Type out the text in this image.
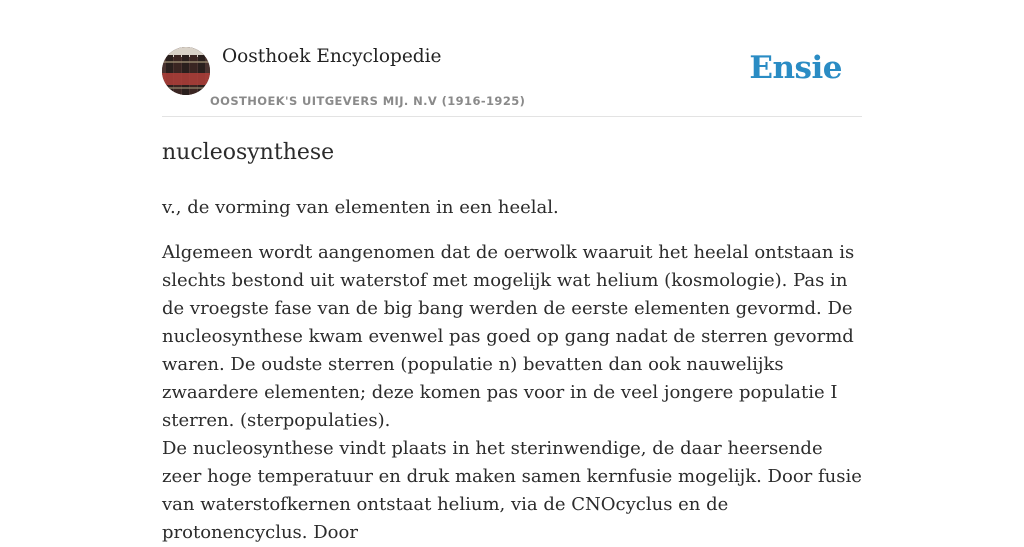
Oosthoek Encyclopedie
OOSTHOEK'S UITGEVERS MIJ. N.V (1916-1925)
Ensie
nucleosynthese
v., de vorming van elementen in een heelal.

Algemeen wordt aangenomen dat de oerwolk waaruit het heelal ontstaan is slechts bestond uit waterstof met mogelijk wat helium (kosmologie). Pas in de vroegste fase van de big bang werden de eerste elementen gevormd. De nucleosynthese kwam evenwel pas goed op gang nadat de sterren gevormd waren. De oudste sterren (populatie n) bevatten dan ook nauwelijks zwaardere elementen; deze komen pas voor in de veel jongere populatie I sterren. (sterpopulaties).

De nucleosynthese vindt plaats in het sterinwendige, de daar heersende zeer hoge temperatuur en druk maken samen kernfusie mogelijk. Door fusie van waterstofkernen ontstaat helium, via de CNOcyclus en de protonencyclus. Door
